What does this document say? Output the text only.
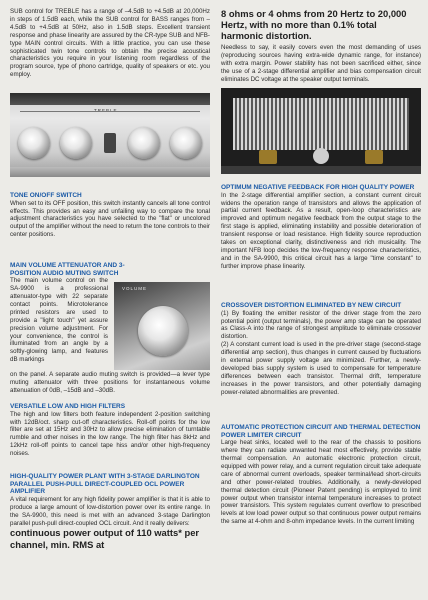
SUB control for TREBLE has a range of –4.5dB to +4.5dB at 20,000Hz in steps of 1.5dB each, while the SUB control for BASS ranges from –4.5dB to +4.5dB at 50Hz, also in 1.5dB steps. Excellent transient response and phase linearity are assured by the CR-type SUB and NFB-type MAIN control circuits. With a little practice, you can use these sophisticated twin tone controls to obtain the precise acoustical characteristics you require in your listening room regardless of the program source, type of phono cartridge, quality of speakers or etc. you employ.

TONE ON/OFF SWITCH

When set to its OFF position, this switch instantly cancels all tone control effects. This provides an easy and unfailing way to compare the tonal adjustment characteristics you have selected to the "flat" or uncolored output of the amplifier without the need to return the tone controls to their center positions.

MAIN VOLUME ATTENUATOR AND 3-POSITION AUDIO MUTING SWITCH

The main volume control on the SA-9900 is a professional attenuator-type with 22 separate contact points. Microtolerance printed resistors are used to provide a "light touch" yet assure precision volume adjustment. For your convenience, the control is illuminated from an angle by a softly-glowing lamp, and features dB markings

VOLUME

on the panel. A separate audio muting switch is provided—a lever type muting attenuator with three positions for instantaneous volume attenuation of 0dB, –15dB and –30dB.

VERSATILE LOW AND HIGH FILTERS

The high and low filters both feature independent 2-position switching with 12dB/oct. sharp cut-off characteristics. Roll-off points for the low filter are set at 15Hz and 30Hz to allow precise elimination of turntable rumble and other noises in the low range. The high filter has 8kHz and 12kHz roll-off points to cancel tape hiss and/or other high-frequency noises.

HIGH-QUALITY POWER PLANT WITH 3-STAGE DARLINGTON PARALLEL PUSH-PULL DIRECT-COUPLED OCL POWER AMPLIFIER

A vital requirement for any high fidelity power amplifier is that it is able to produce a large amount of low-distortion power over its entire range. In the SA-9900, this need is met with an advanced 3-stage Darlington parallel push-pull direct-coupled OCL circuit. And it really delivers:

continuous power output of 110 watts* per channel, min. RMS at
8 ohms or 4 ohms from 20 Hertz to 20,000 Hertz, with no more than 0.1% total harmonic distortion.

Needless to say, it easily covers even the most demanding of uses (reproducing sources having extra-wide dynamic range, for instance) with extra margin. Power stability has not been sacrificed either, since the use of a 2-stage differential amplifier and bias compensation circuit eliminates DC voltage at the speaker output terminals.

OPTIMUM NEGATIVE FEEDBACK FOR HIGH QUALITY POWER

In the 2-stage differential amplifier section, a constant current circuit widens the operation range of transistors and allows the application of partial current feedback. As a result, open-loop characteristics are improved and optimum negative feedback from the output stage to the first stage is applied, eliminating instability and possible deterioration of transient response or load resistance. High fidelity source reproduction takes on exceptional clarity, distinctiveness and rich musicality. The important NFB loop decides the low-frequency response characteristics, and in the SA-9900, this critical circuit has a large "time constant" to further improve phase linearity.

CROSSOVER DISTORTION ELIMINATED BY NEW CIRCUIT

(1) By floating the emitter resistor of the driver stage from the zero potential point (output terminals), the power amp stage can be operated as Class-A into the range of strongest amplitude to eliminate crossover distortion.

(2) A constant current load is used in the pre-driver stage (second-stage differential amp section), thus changes in current caused by fluctuations in external power supply voltage are minimized. Further, a newly-developed bias supply system is used to compensate for temperature differences between each transistor. Thermal drift, temperature increases in the power transistors, and other potentially damaging power-related abnormalities are prevented.

AUTOMATIC PROTECTION CIRCUIT AND THERMAL DETECTION POWER LIMITER CIRCUIT

Large heat sinks, located well to the rear of the chassis to positions where they can radiate unwanted heat most effectively, provide stable thermal compensation. An automatic electronic protection circuit, equipped with power relay, and a current regulation circuit take adequate care of abnormal current overloads, speaker terminal/lead short-circuits and other power-related troubles. Additionally, a newly-developed thermal detection circuit (Pioneer Patent pending) is employed to limit power output when transistor internal temperature increases to protect power transistors. This system regulates current overflow to prescribed levels at low load power output so that continuous power output remains the same at 4-ohm and 8-ohm impedance levels. In the current limiting
